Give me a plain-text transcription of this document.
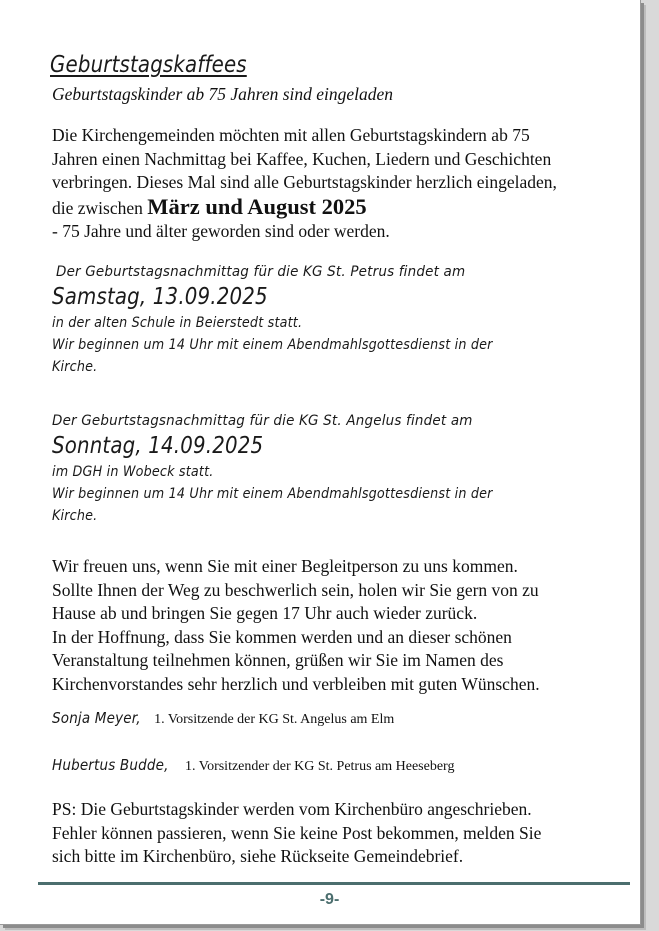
Geburtstagskaffees
Geburtstagskinder ab 75 Jahren sind eingeladen
Die Kirchengemeinden möchten mit allen Geburtstagskindern ab 75
Jahren einen Nachmittag bei Kaffee, Kuchen, Liedern und Geschichten
verbringen. Dieses Mal sind alle Geburtstagskinder herzlich eingeladen,
die zwischen März und August 2025
- 75 Jahre und älter geworden sind oder werden.
Der Geburtstagsnachmittag für die KG St. Petrus findet am
Samstag, 13.09.2025
in der alten Schule in Beierstedt statt.
Wir beginnen um 14 Uhr mit einem Abendmahlsgottesdienst in der
Kirche.
Der Geburtstagsnachmittag für die KG St. Angelus findet am
Sonntag, 14.09.2025
im DGH in Wobeck statt.
Wir beginnen um 14 Uhr mit einem Abendmahlsgottesdienst in der
Kirche.
Wir freuen uns, wenn Sie mit einer Begleitperson zu uns kommen.
Sollte Ihnen der Weg zu beschwerlich sein, holen wir Sie gern von zu
Hause ab und bringen Sie gegen 17 Uhr auch wieder zurück.
In der Hoffnung, dass Sie kommen werden und an dieser schönen
Veranstaltung teilnehmen können, grüßen wir Sie im Namen des
Kirchenvorstandes sehr herzlich und verbleiben mit guten Wünschen.
Sonja Meyer, 1. Vorsitzende der KG St. Angelus am Elm
Hubertus Budde, 1. Vorsitzender der KG St. Petrus am Heeseberg
PS: Die Geburtstagskinder werden vom Kirchenbüro angeschrieben.
Fehler können passieren, wenn Sie keine Post bekommen, melden Sie
sich bitte im Kirchenbüro, siehe Rückseite Gemeindebrief.
-9-
